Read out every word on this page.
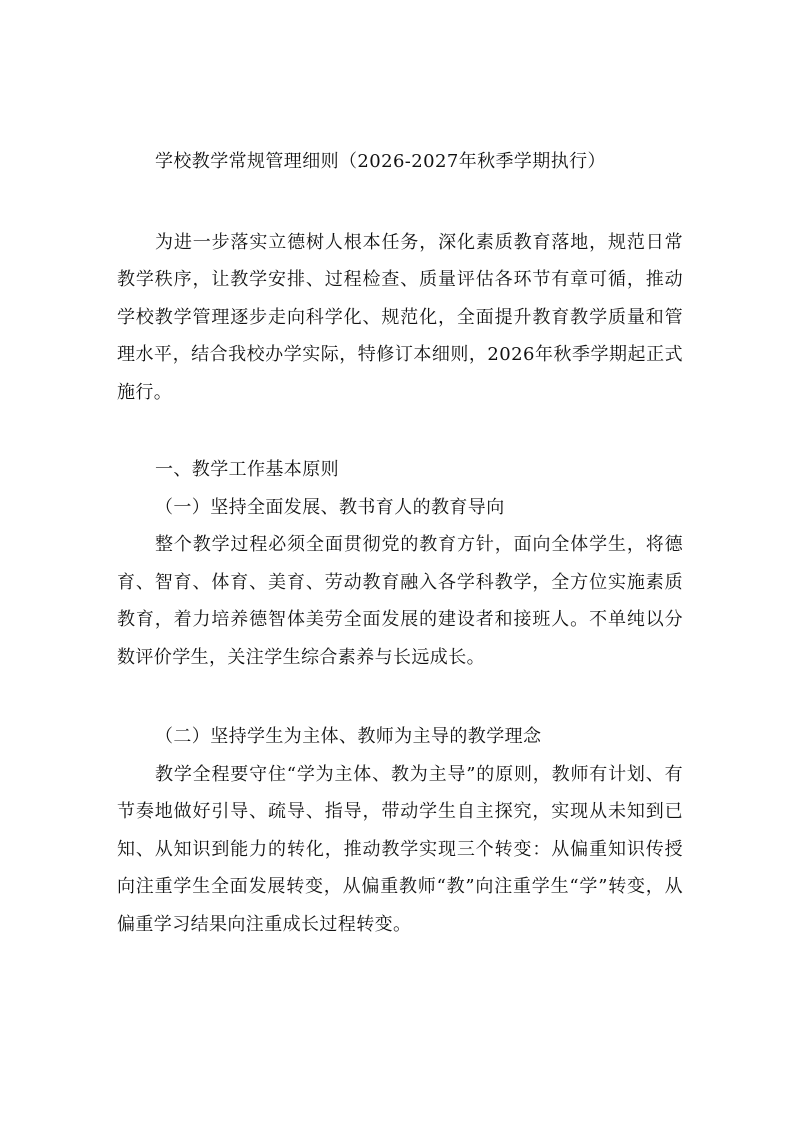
学校教学常规管理细则（2026-2027年秋季学期执行）

为进一步落实立德树人根本任务，深化素质教育落地，规范日常教学秩序，让教学安排、过程检查、质量评估各环节有章可循，推动学校教学管理逐步走向科学化、规范化，全面提升教育教学质量和管理水平，结合我校办学实际，特修订本细则，2026年秋季学期起正式施行。

一、教学工作基本原则

（一）坚持全面发展、教书育人的教育导向

整个教学过程必须全面贯彻党的教育方针，面向全体学生，将德育、智育、体育、美育、劳动教育融入各学科教学，全方位实施素质教育，着力培养德智体美劳全面发展的建设者和接班人。不单纯以分数评价学生，关注学生综合素养与长远成长。

（二）坚持学生为主体、教师为主导的教学理念

教学全程要守住“学为主体、教为主导”的原则，教师有计划、有节奏地做好引导、疏导、指导，带动学生自主探究，实现从未知到已知、从知识到能力的转化，推动教学实现三个转变：从偏重知识传授向注重学生全面发展转变，从偏重教师“教”向注重学生“学”转变，从偏重学习结果向注重成长过程转变。
